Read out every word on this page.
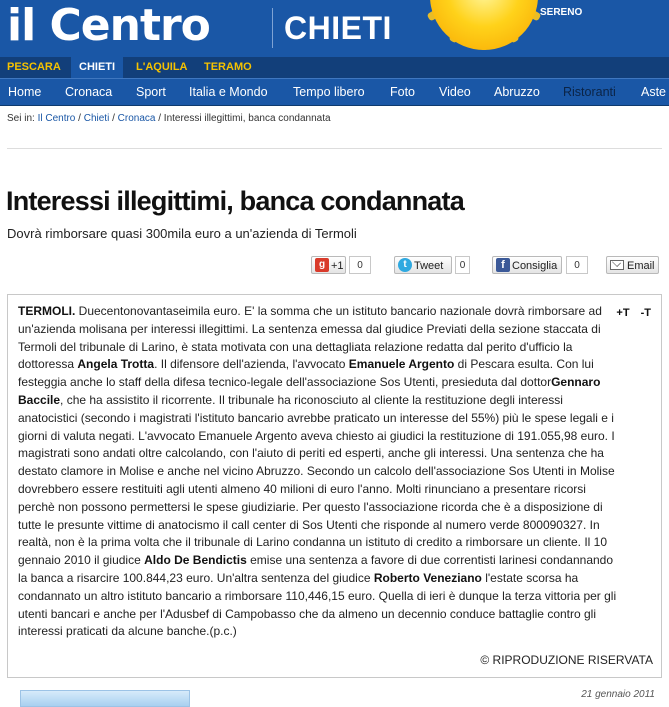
il Centro CHIETI	SERENO
PESCARA	CHIETI	L'AQUILA TERAMO
Home Cronaca Sport Italia e Mondo Tempo libero Foto Video Abruzzo Ristoranti Aste
Sei in: Il Centro / Chieti / Cronaca / Interessi illegittimi, banca condannata
Interessi illegittimi, banca condannata
Dovrà rimborsare quasi 300mila euro a un'azienda di Termoli
g +1	0	t Tweet	0	f Consiglia	0	Email
+T -T
TERMOLI. Duecentonovantaseimila euro. E' la somma che un istituto bancario nazionale dovrà rimborsare ad un'azienda molisana per interessi illegittimi. La sentenza emessa dal giudice Previati della sezione staccata di Termoli del tribunale di Larino, è stata motivata con una dettagliata relazione redatta dal perito d'ufficio la dottoressa Angela Trotta. Il difensore dell'azienda, l'avvocato Emanuele Argento di Pescara esulta. Con lui festeggia anche lo staff della difesa tecnico-legale dell'associazione Sos Utenti, presieduta dal dottorGennaro Baccile, che ha assistito il ricorrente. Il tribunale ha riconosciuto al cliente la restituzione degli interessi anatocistici (secondo i magistrati l'istituto bancario avrebbe praticato un interesse del 55%) più le spese legali e i giorni di valuta negati. L'avvocato Emanuele Argento aveva chiesto ai giudici la restituzione di 191.055,98 euro. I magistrati sono andati oltre calcolando, con l'aiuto di periti ed esperti, anche gli interessi. Una sentenza che ha destato clamore in Molise e anche nel vicino Abruzzo. Secondo un calcolo dell'associazione Sos Utenti in Molise dovrebbero essere restituiti agli utenti almeno 40 milioni di euro l'anno. Molti rinunciano a presentare ricorsi perchè non possono permettersi le spese giudiziarie. Per questo l'associazione ricorda che è a disposizione di tutte le presunte vittime di anatocismo il call center di Sos Utenti che risponde al numero verde 800090327. In realtà, non è la prima volta che il tribunale di Larino condanna un istituto di credito a rimborsare un cliente. Il 10 gennaio 2010 il giudice Aldo De Bendictis emise una sentenza a favore di due correntisti larinesi condannando la banca a risarcire 100.844,23 euro. Un'altra sentenza del giudice Roberto Veneziano l'estate scorsa ha condannato un altro istituto bancario a rimborsare 110,446,15 euro. Quella di ieri è dunque la terza vittoria per gli utenti bancari e anche per l'Adusbef di Campobasso che da almeno un decennio conduce battaglie contro gli interessi praticati da alcune banche.(p.c.)
© RIPRODUZIONE RISERVATA
21 gennaio 2011
